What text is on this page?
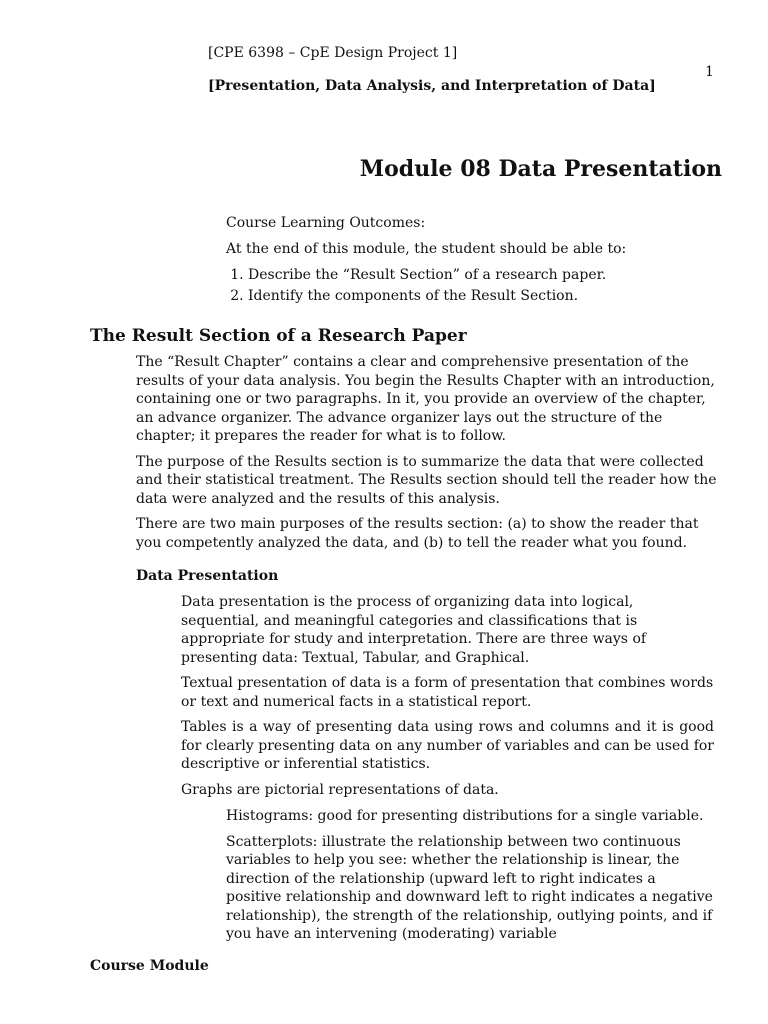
[CPE 6398 – CpE Design Project 1]
1
[Presentation, Data Analysis, and Interpretation of Data]
Module 08 Data Presentation

Course Learning Outcomes:

At the end of this module, the student should be able to:

1. Describe the “Result Section” of a research paper.
2. Identify the components of the Result Section.
The Result Section of a Research Paper

The “Result Chapter” contains a clear and comprehensive presentation of the results of your data analysis. You begin the Results Chapter with an introduction, containing one or two paragraphs. In it, you provide an overview of the chapter, an advance organizer. The advance organizer lays out the structure of the chapter; it prepares the reader for what is to follow.

The purpose of the Results section is to summarize the data that were collected and their statistical treatment. The Results section should tell the reader how the data were analyzed and the results of this analysis.

There are two main purposes of the results section: (a) to show the reader that you competently analyzed the data, and (b) to tell the reader what you found.

Data Presentation

Data presentation is the process of organizing data into logical, sequential, and meaningful categories and classifications that is appropriate for study and interpretation. There are three ways of presenting data: Textual, Tabular, and Graphical.

Textual presentation of data is a form of presentation that combines words or text and numerical facts in a statistical report.

Tables is a way of presenting data using rows and columns and it is good for clearly presenting data on any number of variables and can be used for descriptive or inferential statistics.

Graphs are pictorial representations of data.

Histograms: good for presenting distributions for a single variable.

Scatterplots: illustrate the relationship between two continuous variables to help you see: whether the relationship is linear, the direction of the relationship (upward left to right indicates a positive relationship and downward left to right indicates a negative relationship), the strength of the relationship, outlying points, and if you have an intervening (moderating) variable

Course Module
